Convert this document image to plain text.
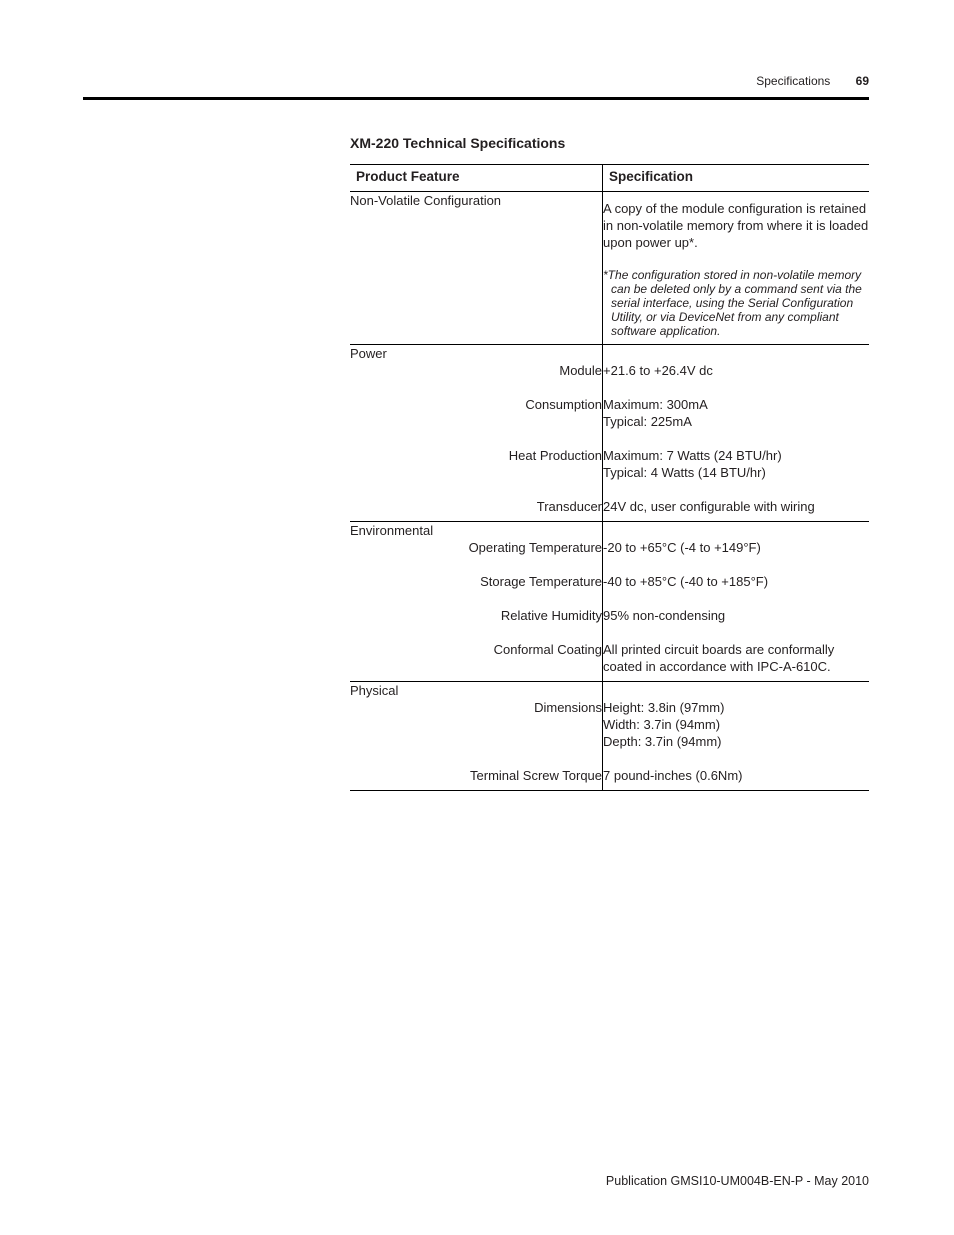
Specifications 69
XM-220 Technical Specifications
Product Feature	Specification
Non-Volatile Configuration	A copy of the module configuration is retained in non-volatile memory from where it is loaded upon power up*.
*The configuration stored in non-volatile memory can be deleted only by a command sent via the serial interface, using the Serial Configuration Utility, or via DeviceNet from any compliant software application.

Power	
Module	+21.6 to +26.4V dc

Consumption	Maximum: 300mA
Typical: 225mA

Heat Production	Maximum: 7 Watts (24 BTU/hr)
Typical: 4 Watts (14 BTU/hr)

Transducer	24V dc, user configurable with wiring

Environmental	
Operating Temperature	-20 to +65°C (-4 to +149°F)

Storage Temperature	-40 to +85°C (-40 to +185°F)

Relative Humidity	95% non-condensing

Conformal Coating	All printed circuit boards are conformally
coated in accordance with IPC-A-610C.

Physical	
Dimensions	Height: 3.8in (97mm)
Width: 3.7in (94mm)
Depth: 3.7in (94mm)

Terminal Screw Torque	7 pound-inches (0.6Nm)
Publication GMSI10-UM004B-EN-P - May 2010
